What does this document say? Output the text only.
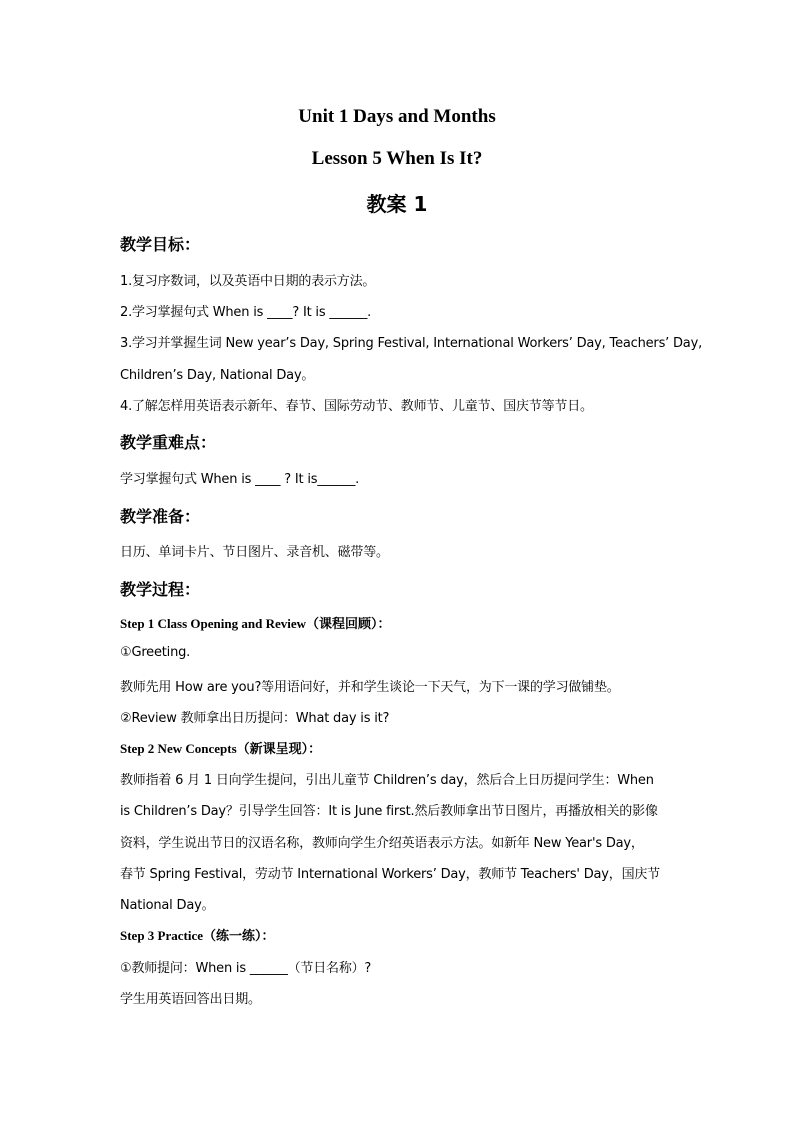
Unit 1 Days and Months
Lesson 5 When Is It?
教案 1
教学目标：
1.复习序数词，以及英语中日期的表示方法。
2.学习掌握句式 When is ____? It is ______.
3.学习并掌握生词 New year’s Day, Spring Festival, International Workers’ Day, Teachers’ Day,
Children’s Day, National Day。
4.了解怎样用英语表示新年、春节、国际劳动节、教师节、儿童节、国庆节等节日。
教学重难点：
学习掌握句式 When is ____ ? It is______.
教学准备：
日历、单词卡片、节日图片、录音机、磁带等。
教学过程：
Step 1 Class Opening and Review（课程回顾）：
①Greeting.
教师先用 How are you?等用语问好，并和学生谈论一下天气，为下一课的学习做铺垫。
②Review 教师拿出日历提问：What day is it?
Step 2 New Concepts（新课呈现）：
教师指着 6 月 1 日向学生提问，引出儿童节 Children’s day，然后合上日历提问学生：When
is Children’s Day？引导学生回答：It is June first.然后教师拿出节日图片，再播放相关的影像
资料，学生说出节日的汉语名称，教师向学生介绍英语表示方法。如新年 New Year's Day，
春节 Spring Festival，劳动节 International Workers’ Day，教师节 Teachers' Day，国庆节
National Day。
Step 3 Practice（练一练）：
①教师提问：When is ______（节日名称）?
学生用英语回答出日期。
